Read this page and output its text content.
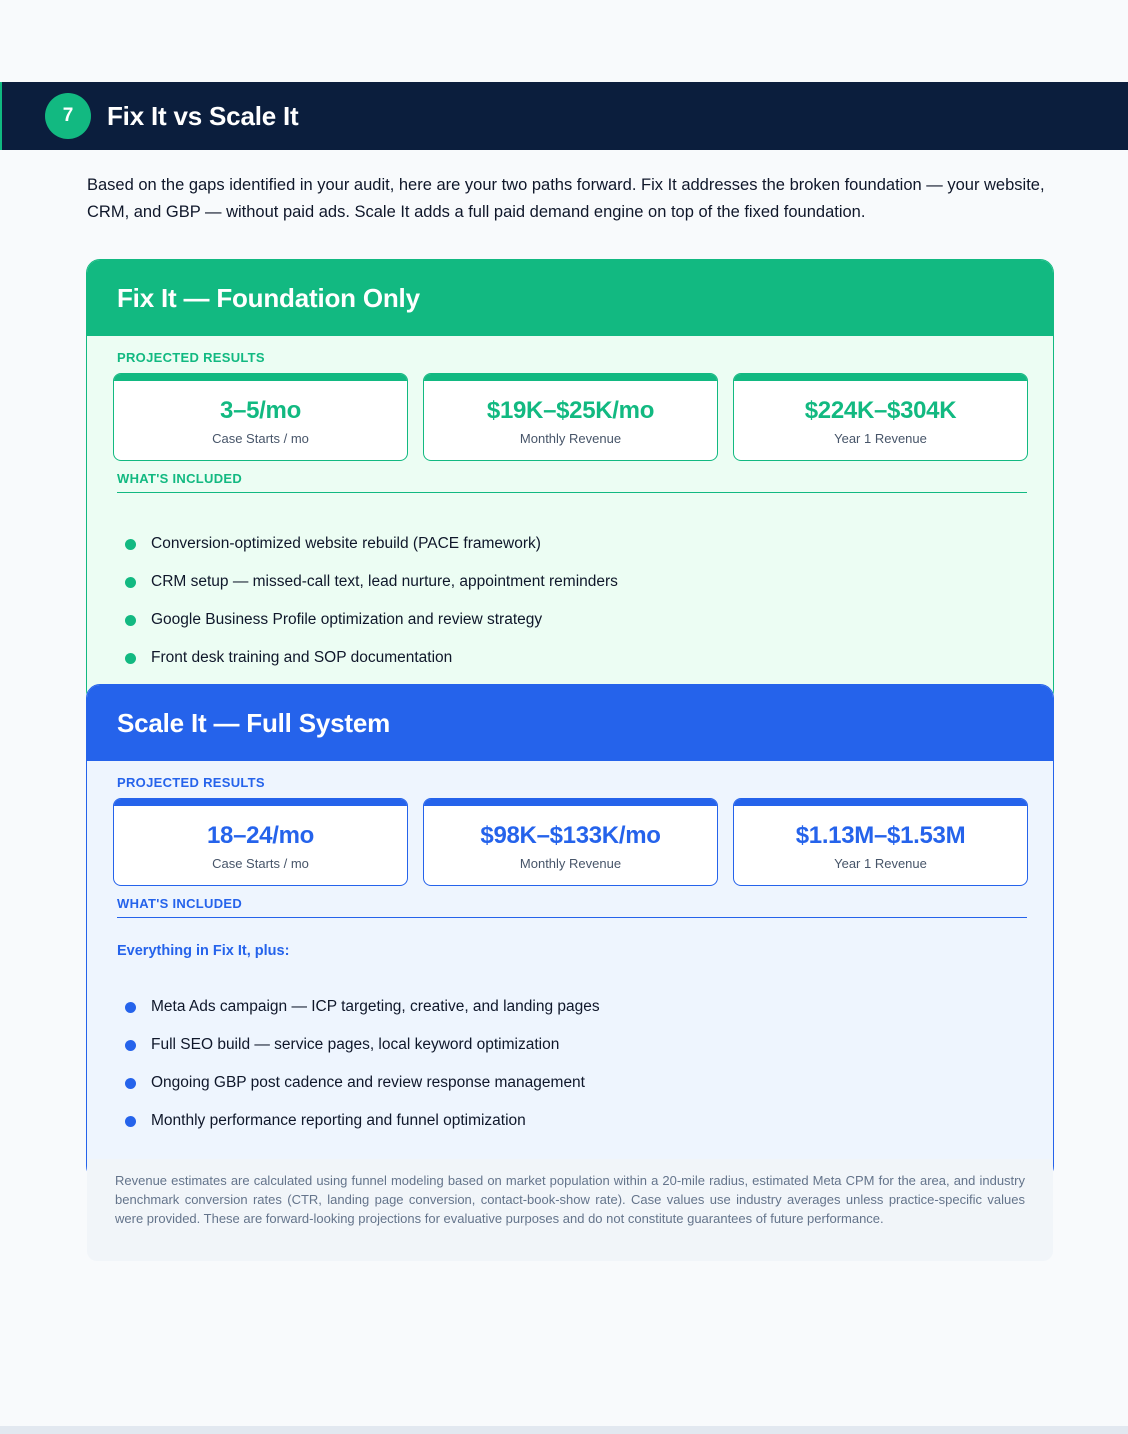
7	Fix It vs Scale It

Based on the gaps identified in your audit, here are your two paths forward. Fix It addresses the broken foundation — your website, CRM, and GBP — without paid ads. Scale It adds a full paid demand engine on top of the fixed foundation.

Fix It — Foundation Only
PROJECTED RESULTS
3–5/mo
Case Starts / mo
$19K–$25K/mo
Monthly Revenue
$224K–$304K
Year 1 Revenue
WHAT'S INCLUDED
Conversion-optimized website rebuild (PACE framework)
CRM setup — missed-call text, lead nurture, appointment reminders
Google Business Profile optimization and review strategy
Front desk training and SOP documentation
Scale It — Full System
PROJECTED RESULTS
18–24/mo
Case Starts / mo
$98K–$133K/mo
Monthly Revenue
$1.13M–$1.53M
Year 1 Revenue
WHAT'S INCLUDED
Everything in Fix It, plus:
Meta Ads campaign — ICP targeting, creative, and landing pages
Full SEO build — service pages, local keyword optimization
Ongoing GBP post cadence and review response management
Monthly performance reporting and funnel optimization
Revenue estimates are calculated using funnel modeling based on market population within a 20-mile radius, estimated Meta CPM for the area, and industry benchmark conversion rates (CTR, landing page conversion, contact-book-show rate). Case values use industry averages unless practice-specific values were provided. These are forward-looking projections for evaluative purposes and do not constitute guarantees of future performance.
